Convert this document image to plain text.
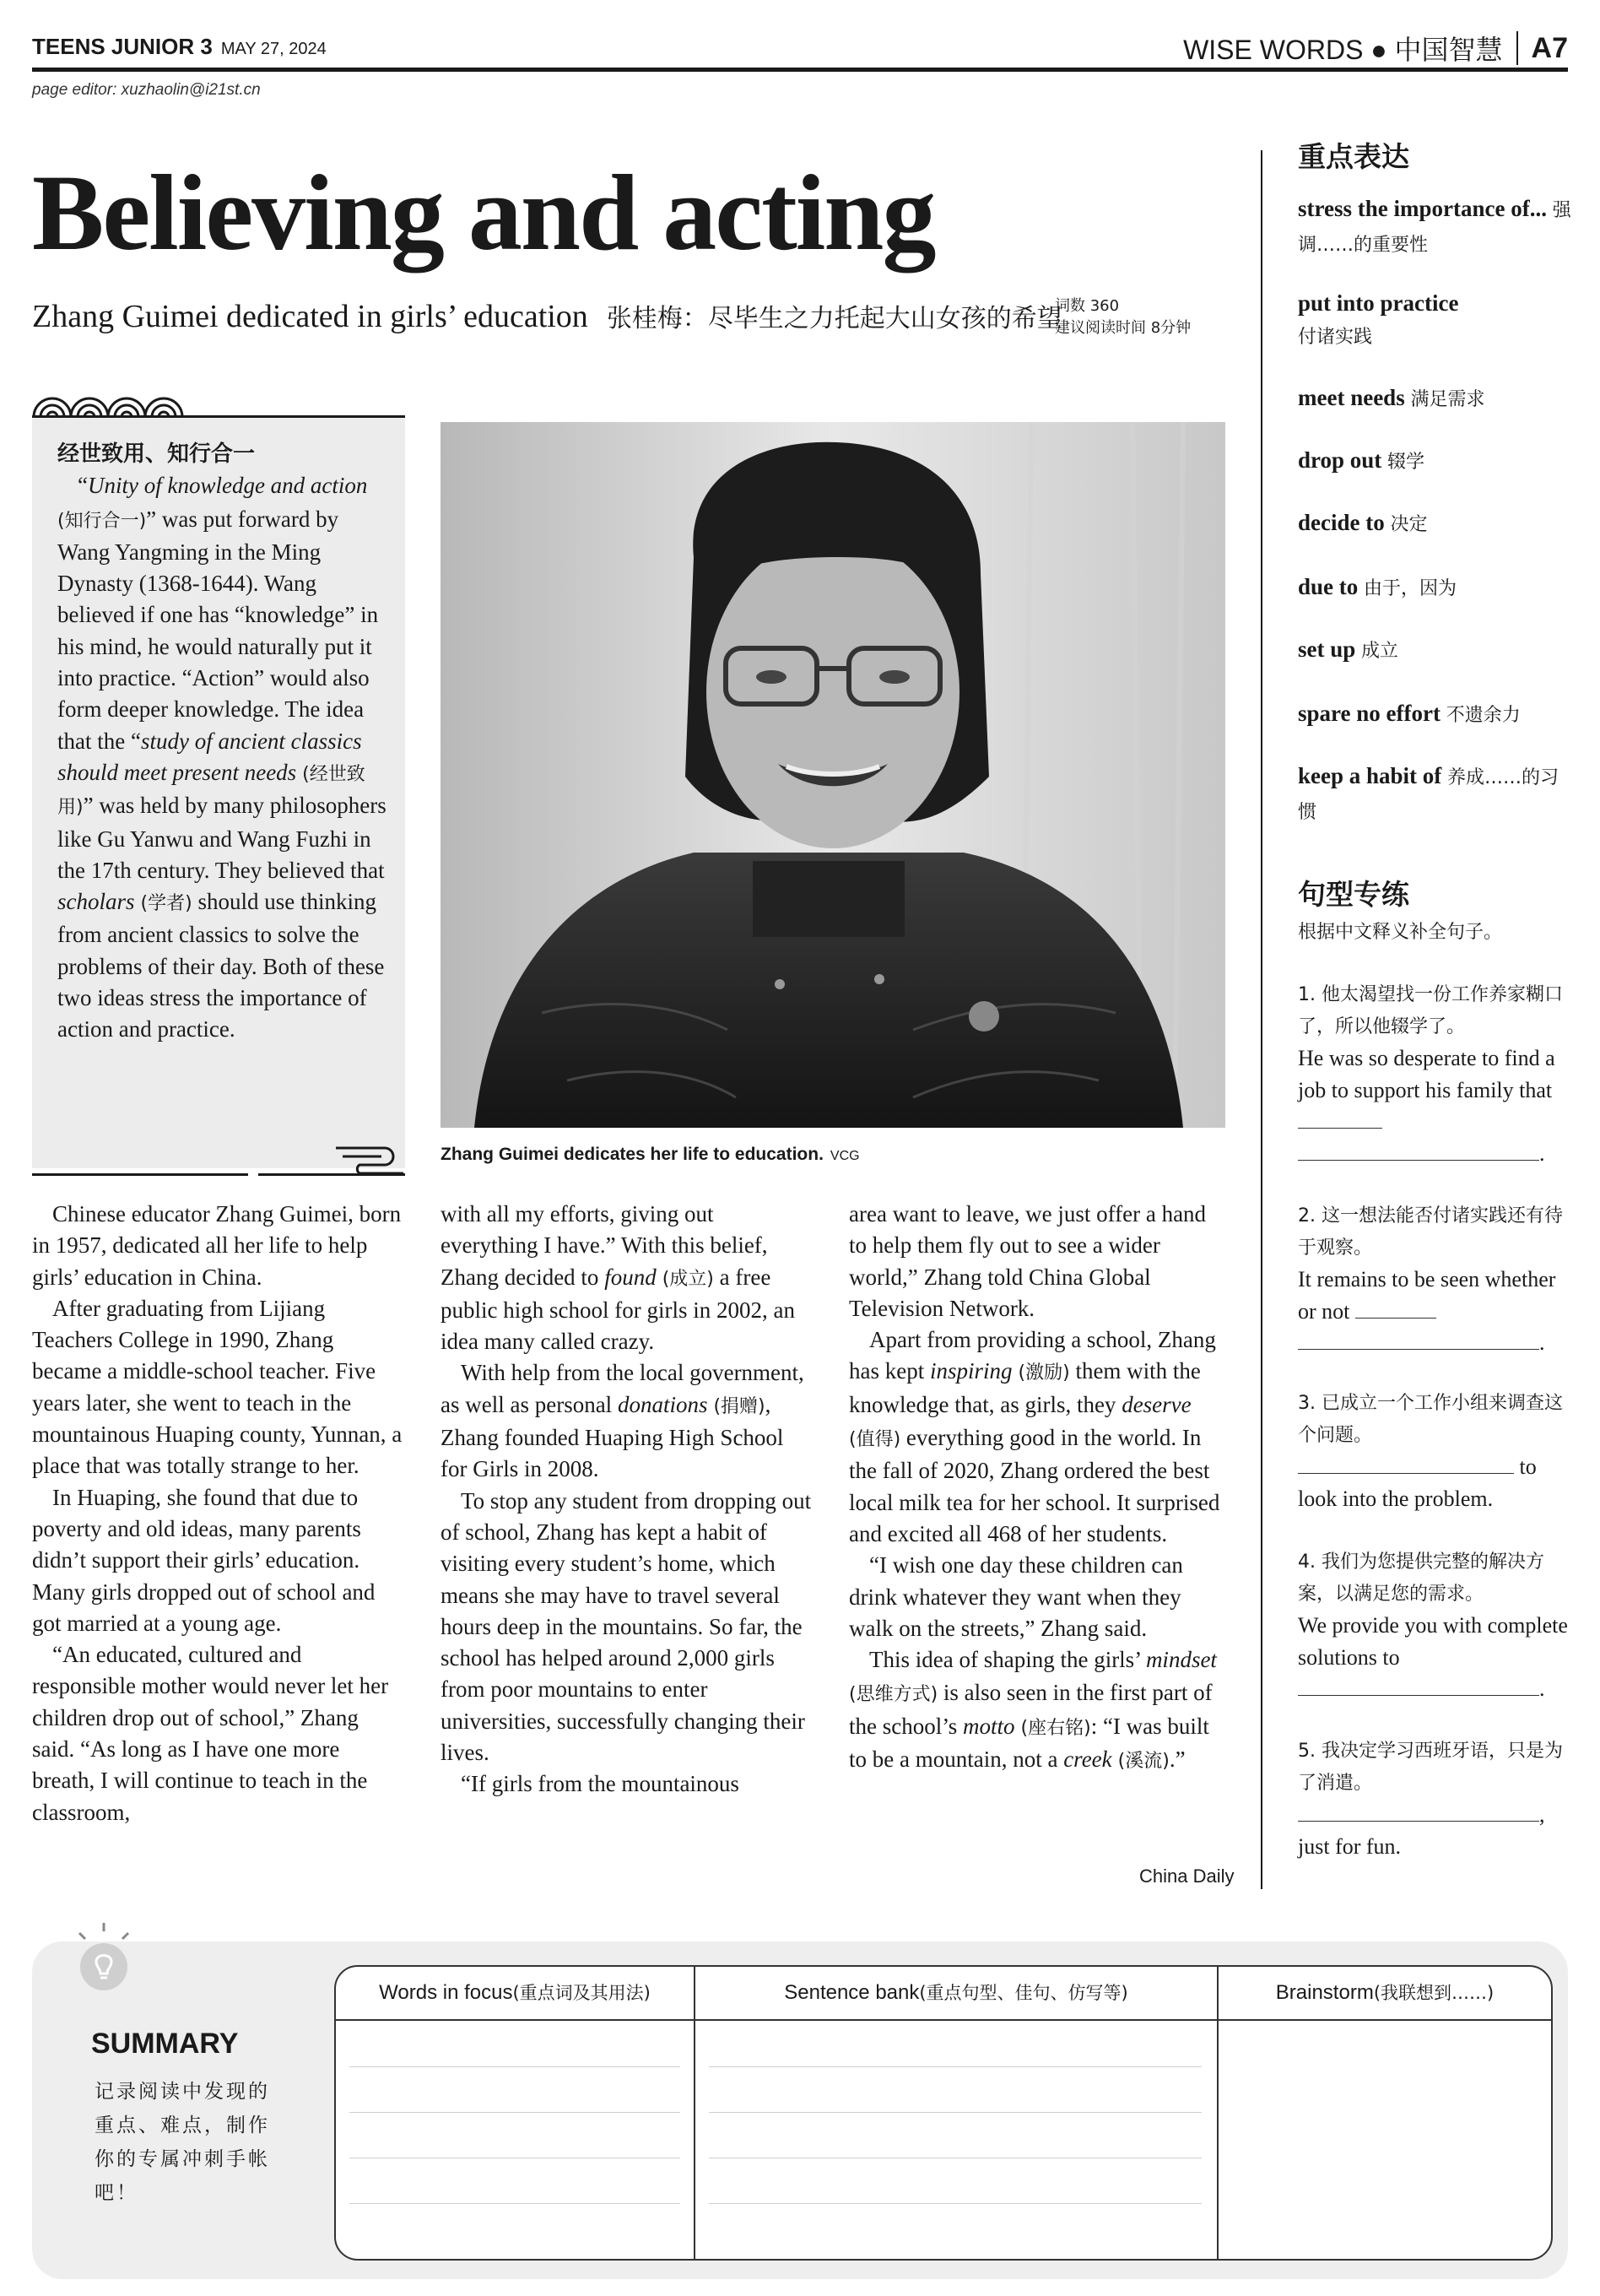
TEENS JUNIOR 3 MAY 27, 2024	WISE WORDS ● 中国智慧 A7
page editor: xuzhaolin@i21st.cn
Believing and acting
Zhang Guimei dedicated in girls’ education 张桂梅：尽毕生之力托起大山女孩的希望
词数 360
建议阅读时间 8分钟
经世致用、知行合一
“Unity of knowledge and action (知行合一)” was put forward by Wang Yangming in the Ming Dynasty (1368-1644). Wang believed if one has “knowledge” in his mind, he would naturally put it into practice. “Action” would also form deeper knowledge. The idea that the “study of ancient classics should meet present needs (经世致用)” was held by many philosophers like Gu Yanwu and Wang Fuzhi in the 17th century. They believed that scholars (学者) should use thinking from ancient classics to solve the problems of their day. Both of these two ideas stress the importance of action and practice.
Zhang Guimei dedicates her life to education. VCG

Chinese educator Zhang Guimei, born in 1957, dedicated all her life to help girls’ education in China.

After graduating from Lijiang Teachers College in 1990, Zhang became a middle-school teacher. Five years later, she went to teach in the mountainous Huaping county, Yunnan, a place that was totally strange to her.

In Huaping, she found that due to poverty and old ideas, many parents didn’t support their girls’ education. Many girls dropped out of school and got married at a young age.

“An educated, cultured and responsible mother would never let her children drop out of school,” Zhang said. “As long as I have one more breath, I will continue to teach in the classroom,

with all my efforts, giving out everything I have.” With this belief, Zhang decided to found (成立) a free public high school for girls in 2002, an idea many called crazy.

With help from the local government, as well as personal donations (捐赠), Zhang founded Huaping High School for Girls in 2008.

To stop any student from dropping out of school, Zhang has kept a habit of visiting every student’s home, which means she may have to travel several hours deep in the mountains. So far, the school has helped around 2,000 girls from poor mountains to enter universities, successfully changing their lives.

“If girls from the mountainous

area want to leave, we just offer a hand to help them fly out to see a wider world,” Zhang told China Global Television Network.

Apart from providing a school, Zhang has kept inspiring (激励) them with the knowledge that, as girls, they deserve (值得) everything good in the world. In the fall of 2020, Zhang ordered the best local milk tea for her school. It surprised and excited all 468 of her students.

“I wish one day these children can drink whatever they want when they walk on the streets,” Zhang said.

This idea of shaping the girls’ mindset (思维方式) is also seen in the first part of the school’s motto (座右铭): “I was built to be a mountain, not a creek (溪流).”

China Daily
重点表达
stress the importance of... 强调……的重要性
put into practice
付诸实践
meet needs 满足需求
drop out 辍学
decide to 决定
due to 由于，因为
set up 成立
spare no effort 不遗余力
keep a habit of 养成……的习惯
句型专练
根据中文释义补全句子。
1. 他太渴望找一份工作养家糊口了，所以他辍学了。
He was so desperate to find a job to support his family that
.
2. 这一想法能否付诸实践还有待于观察。
It remains to be seen whether or not
.
3. 已成立一个工作小组来调查这个问题。
to
look into the problem.
4. 我们为您提供完整的解决方案，以满足您的需求。
We provide you with complete solutions to
.
5. 我决定学习西班牙语，只是为了消遣。
,
just for fun.
SUMMARY
记录阅读中发现的重点、难点，制作你的专属冲刺手帐吧！
Words in focus(重点词及其用法)	Sentence bank(重点句型、佳句、仿写等)	Brainstorm(我联想到……)
